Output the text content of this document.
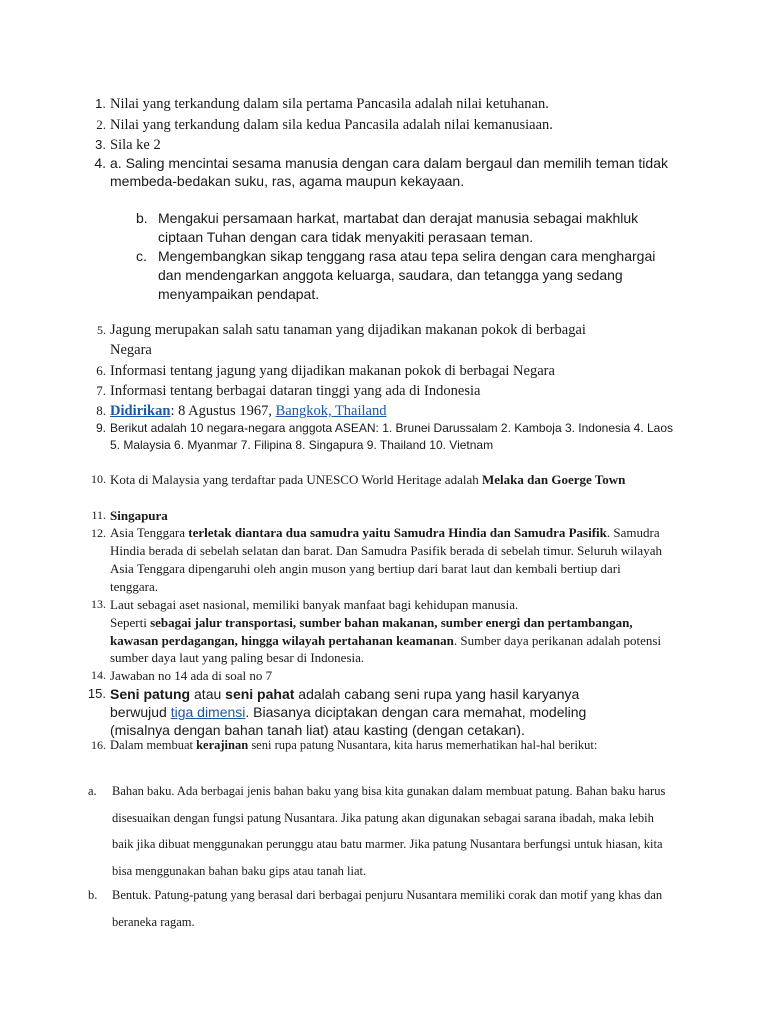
1. Nilai yang terkandung dalam sila pertama Pancasila adalah nilai ketuhanan.
2. Nilai yang terkandung dalam sila kedua Pancasila adalah nilai kemanusiaan.
3. Sila ke 2
4. a. Saling mencintai sesama manusia dengan cara dalam bergaul dan memilih teman tidak membeda-bedakan suku, ras, agama maupun kekayaan.
b. Mengakui persamaan harkat, martabat dan derajat manusia sebagai makhluk ciptaan Tuhan dengan cara tidak menyakiti perasaan teman.
c. Mengembangkan sikap tenggang rasa atau tepa selira dengan cara menghargai dan mendengarkan anggota keluarga, saudara, dan tetangga yang sedang menyampaikan pendapat.
5. Jagung merupakan salah satu tanaman yang dijadikan makanan pokok di berbagai Negara
6. Informasi tentang jagung yang dijadikan makanan pokok di berbagai Negara
7. Informasi tentang berbagai dataran tinggi yang ada di Indonesia
8. Didirikan: 8 Agustus 1967, Bangkok, Thailand
9. Berikut adalah 10 negara-negara anggota ASEAN: 1. Brunei Darussalam 2. Kamboja 3. Indonesia 4. Laos 5. Malaysia 6. Myanmar 7. Filipina 8. Singapura 9. Thailand 10. Vietnam
10. Kota di Malaysia yang terdaftar pada UNESCO World Heritage adalah Melaka dan Goerge Town
11. Singapura
12. Asia Tenggara terletak diantara dua samudra yaitu Samudra Hindia dan Samudra Pasifik. Samudra Hindia berada di sebelah selatan dan barat. Dan Samudra Pasifik berada di sebelah timur. Seluruh wilayah Asia Tenggara dipengaruhi oleh angin muson yang bertiup dari barat laut dan kembali bertiup dari tenggara.
13. Laut sebagai aset nasional, memiliki banyak manfaat bagi kehidupan manusia.
Seperti sebagai jalur transportasi, sumber bahan makanan, sumber energi dan pertambangan, kawasan perdagangan, hingga wilayah pertahanan keamanan. Sumber daya perikanan adalah potensi sumber daya laut yang paling besar di Indonesia.
14. Jawaban no 14 ada di soal no 7
15. Seni patung atau seni pahat adalah cabang seni rupa yang hasil karyanya berwujud tiga dimensi. Biasanya diciptakan dengan cara memahat, modeling (misalnya dengan bahan tanah liat) atau kasting (dengan cetakan).
16. Dalam membuat kerajinan seni rupa patung Nusantara, kita harus memerhatikan hal-hal berikut:
a.	Bahan baku. Ada berbagai jenis bahan baku yang bisa kita gunakan dalam membuat patung. Bahan baku harus disesuaikan dengan fungsi patung Nusantara. Jika patung akan digunakan sebagai sarana ibadah, maka lebih baik jika dibuat menggunakan perunggu atau batu marmer. Jika patung Nusantara berfungsi untuk hiasan, kita bisa menggunakan bahan baku gips atau tanah liat.
b.	Bentuk. Patung-patung yang berasal dari berbagai penjuru Nusantara memiliki corak dan motif yang khas dan beraneka ragam.
